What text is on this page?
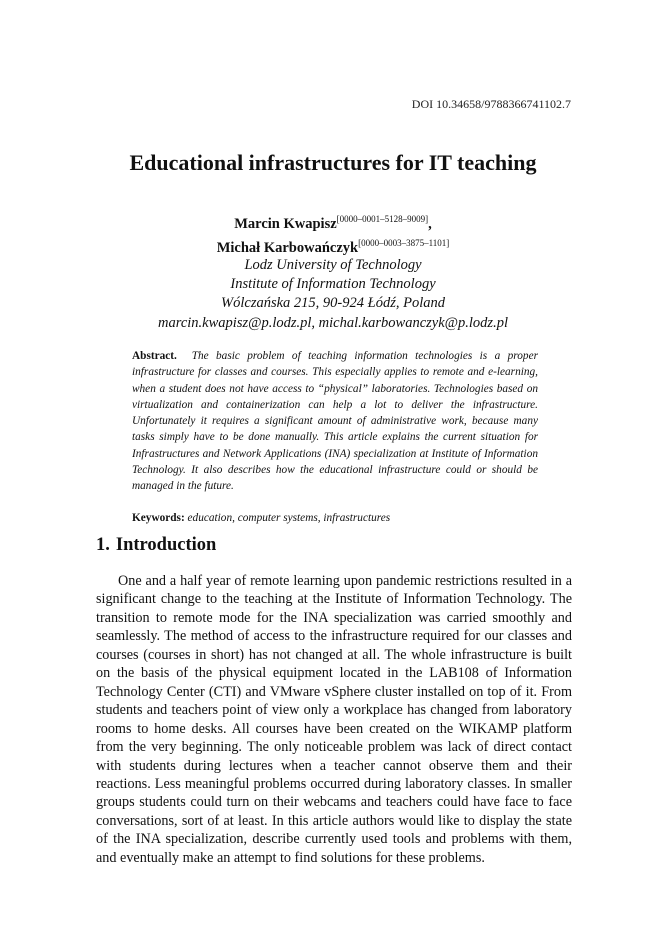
DOI 10.34658/9788366741102.7
Educational infrastructures for IT teaching
Marcin Kwapisz[0000–0001–5128–9009],
Michał Karbowańczyk[0000–0003–3875–1101]
Lodz University of Technology
Institute of Information Technology
Wólczańska 215, 90-924 Łódź, Poland
marcin.kwapisz@p.lodz.pl, michal.karbowanczyk@p.lodz.pl
Abstract. The basic problem of teaching information technologies is a proper infrastructure for classes and courses. This especially applies to remote and e-learning, when a student does not have access to “physical” laboratories. Technologies based on virtualization and containerization can help a lot to deliver the infrastructure. Unfortunately it requires a significant amount of administrative work, because many tasks simply have to be done manually. This article explains the current situation for Infrastructures and Network Applications (INA) specialization at Institute of Information Technology. It also describes how the educational infrastructure could or should be managed in the future.
Keywords: education, computer systems, infrastructures
1. Introduction

One and a half year of remote learning upon pandemic restrictions resulted in a significant change to the teaching at the Institute of Information Technology. The transition to remote mode for the INA specialization was carried smoothly and seamlessly. The method of access to the infrastructure required for our classes and courses (courses in short) has not changed at all. The whole infrastructure is built on the basis of the physical equipment located in the LAB108 of Information Technology Center (CTI) and VMware vSphere cluster installed on top of it. From students and teachers point of view only a workplace has changed from laboratory rooms to home desks. All courses have been created on the WIKAMP platform from the very beginning. The only noticeable problem was lack of direct contact with students during lectures when a teacher cannot observe them and their reactions. Less meaningful problems occurred during laboratory classes. In smaller groups students could turn on their webcams and teachers could have face to face conversations, sort of at least. In this article authors would like to display the state of the INA specialization, describe currently used tools and problems with them, and eventually make an attempt to find solutions for these problems.
